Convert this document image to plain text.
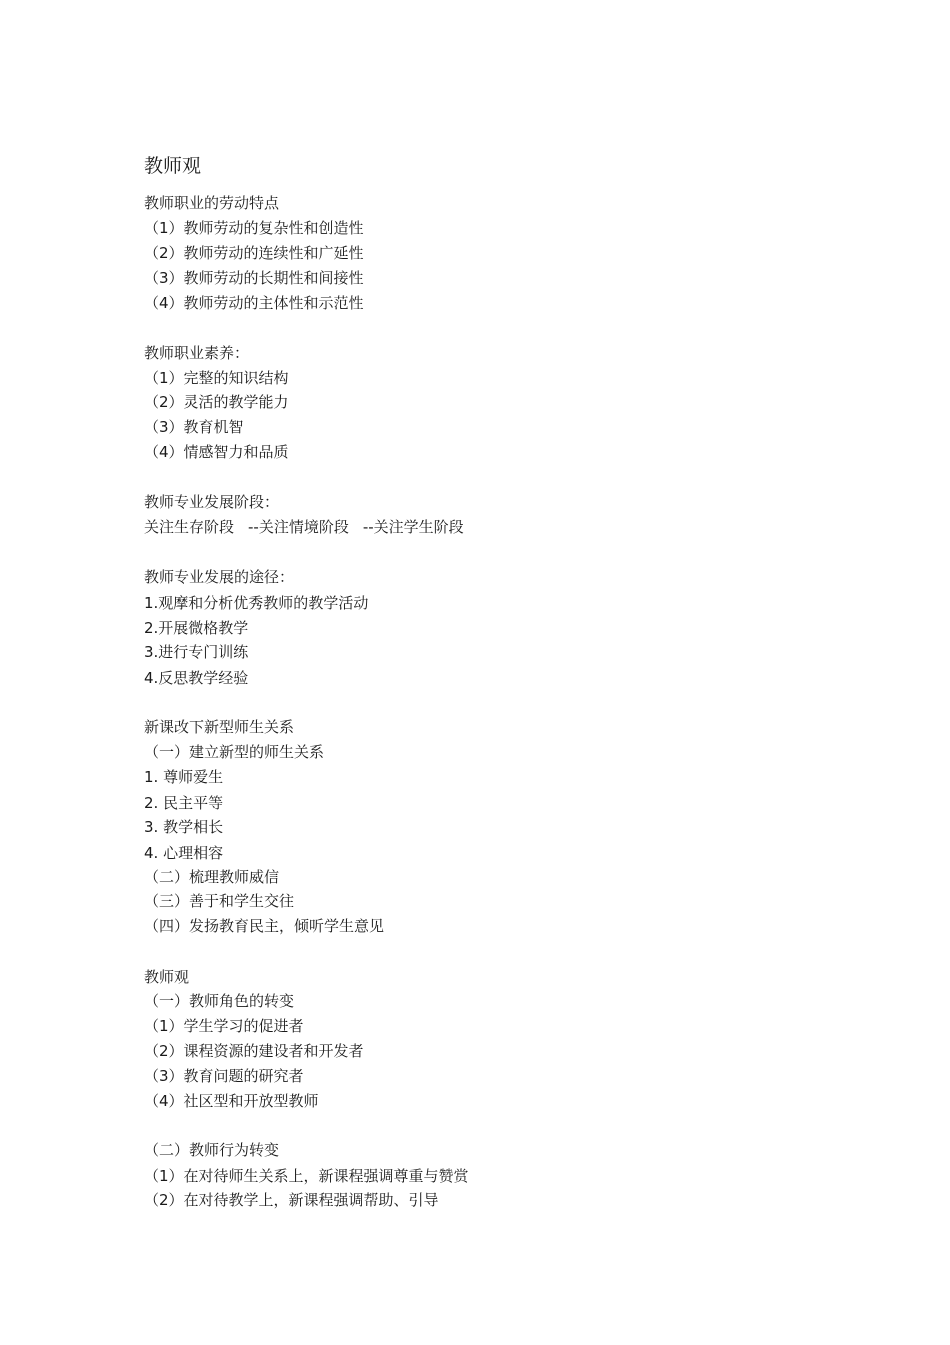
教师观
教师职业的劳动特点
（1）教师劳动的复杂性和创造性
（2）教师劳动的连续性和广延性
（3）教师劳动的长期性和间接性
（4）教师劳动的主体性和示范性
教师职业素养：
（1）完整的知识结构
（2）灵活的教学能力
（3）教育机智
（4）情感智力和品质
教师专业发展阶段：
关注生存阶段 --关注情境阶段 --关注学生阶段
教师专业发展的途径：
1.观摩和分析优秀教师的教学活动
2.开展微格教学
3.进行专门训练
4.反思教学经验
新课改下新型师生关系
（一）建立新型的师生关系
1. 尊师爱生
2. 民主平等
3. 教学相长
4. 心理相容
（二）梳理教师威信
（三）善于和学生交往
（四）发扬教育民主，倾听学生意见
教师观
（一）教师角色的转变
（1）学生学习的促进者
（2）课程资源的建设者和开发者
（3）教育问题的研究者
（4）社区型和开放型教师
（二）教师行为转变
（1）在对待师生关系上，新课程强调尊重与赞赏
（2）在对待教学上，新课程强调帮助、引导
